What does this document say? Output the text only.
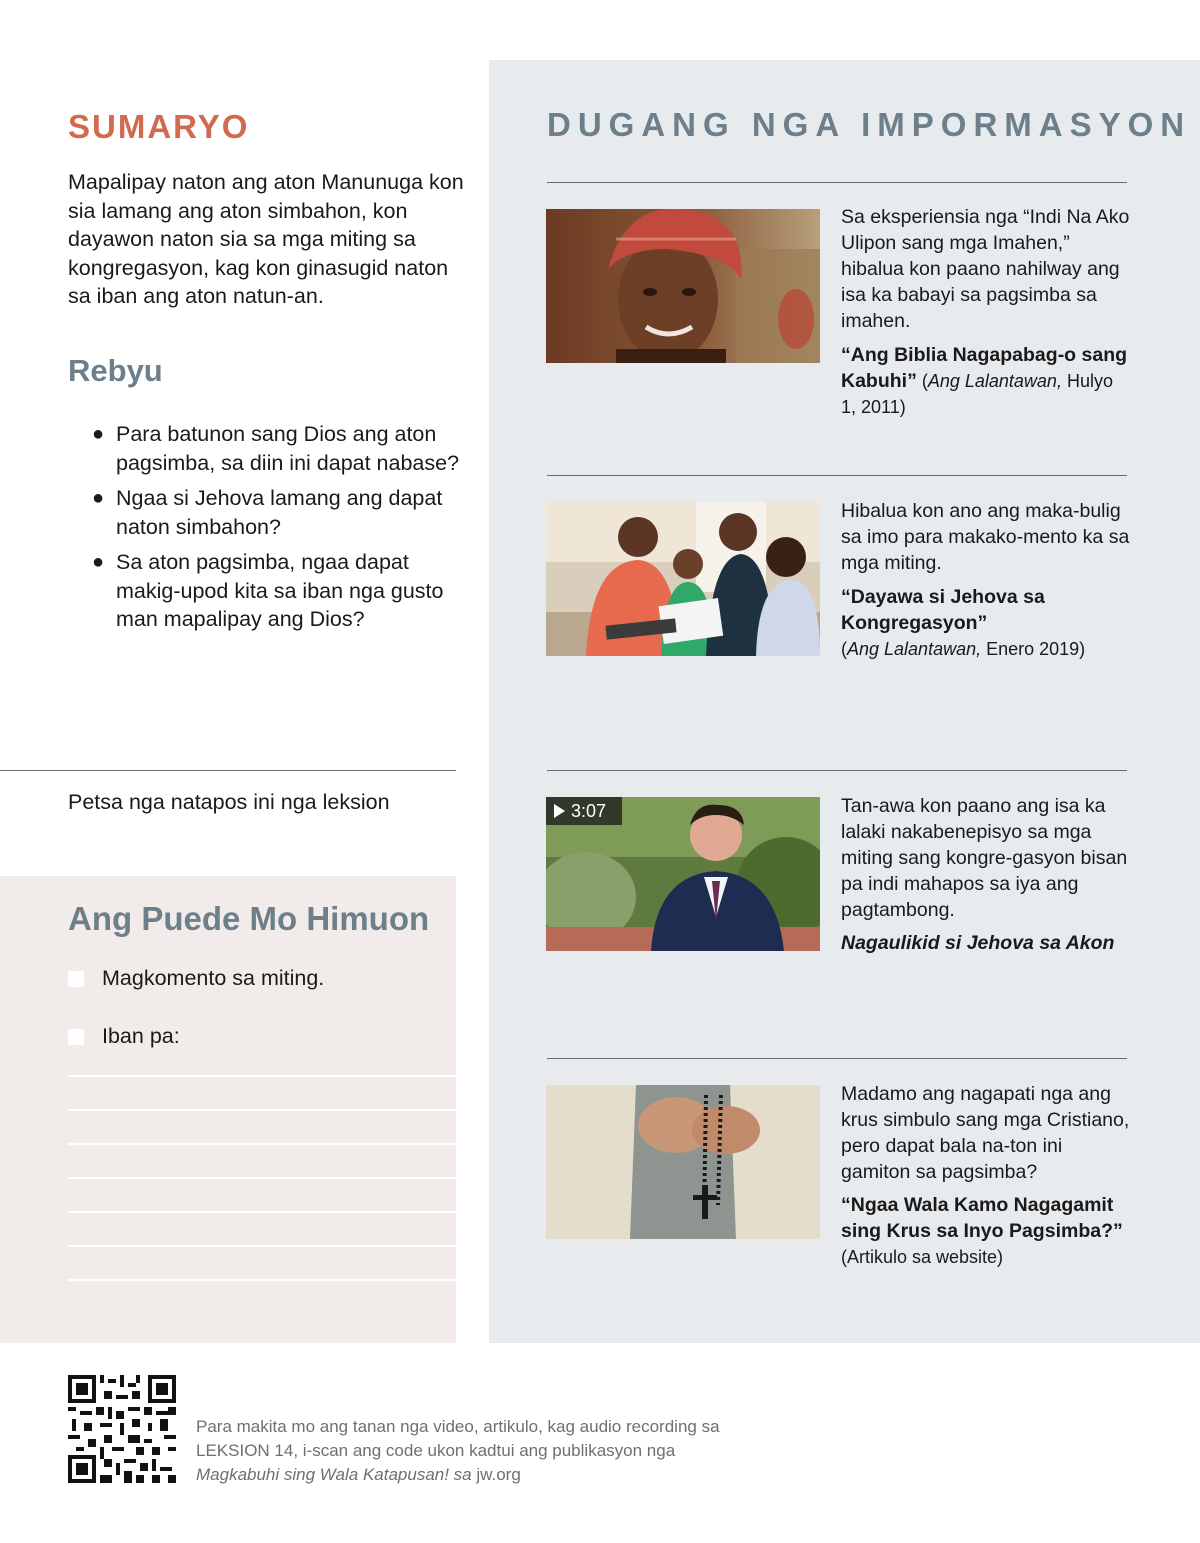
SUMARYO

Mapalipay naton ang aton Manunuga kon sia lamang ang aton simbahon, kon dayawon naton sia sa mga miting sa kongregasyon, kag kon ginasugid naton sa iban ang aton natun-an.

Rebyu
● Para batunon sang Dios ang aton pagsimba, sa diin ini dapat nabase?
● Ngaa si Jehova lamang ang dapat naton simbahon?
● Sa aton pagsimba, ngaa dapat makig-upod kita sa iban nga gusto man mapalipay ang Dios?

Petsa nga natapos ini nga leksion

Ang Puede Mo Himuon
Magkomento sa miting.
Iban pa:
DUGANG NGA IMPORMASYON

Sa eksperiensia nga “Indi Na Ako Ulipon sang mga Imahen,” hibalua kon paano nahilway ang isa ka babayi sa pagsimba sa imahen.

“Ang Biblia Nagapabag-o sang Kabuhi” (Ang Lalantawan, Hulyo 1, 2011)

Hibalua kon ano ang maka-bulig sa imo para makako-mento ka sa mga miting.

“Dayawa si Jehova sa Kongregasyon”
(Ang Lalantawan, Enero 2019)

3:07	Tan-awa kon paano ang isa ka lalaki nakabenepisyo sa mga miting sang kongre-gasyon bisan pa indi mahapos sa iya ang pagtambong.

Nagaulikid si Jehova sa Akon

Madamo ang nagapati nga ang krus simbulo sang mga Cristiano, pero dapat bala na-ton ini gamiton sa pagsimba?

“Ngaa Wala Kamo Nagagamit sing Krus sa Inyo Pagsimba?”
(Artikulo sa website)

Para makita mo ang tanan nga video, artikulo, kag audio recording sa LEKSION 14, i-scan ang code ukon kadtui ang publikasyon nga Magkabuhi sing Wala Katapusan! sa jw.org
